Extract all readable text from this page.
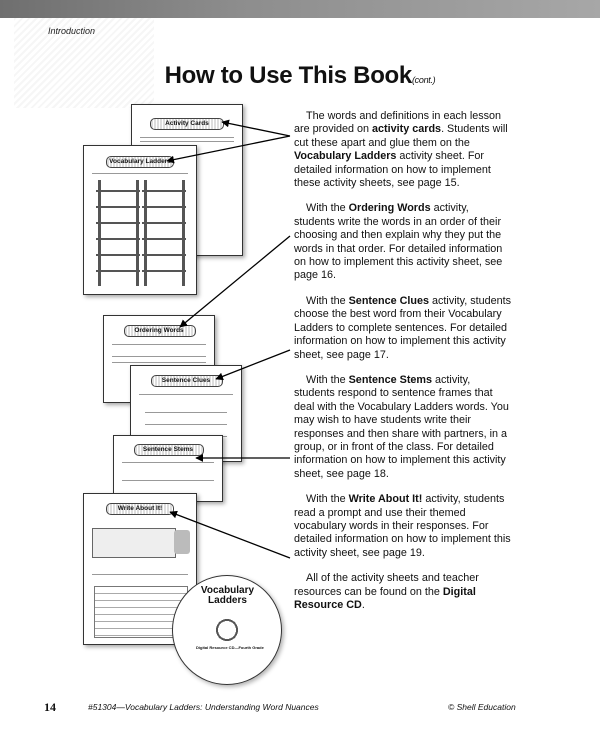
Introduction
How to Use This Book(cont.)
Activity Cards
Vocabulary Ladders
Ordering Words
Sentence Clues
Sentence Stems
Write About It!
Vocabulary Ladders
Digital Resource CD—Fourth Grade

The words and definitions in each lesson are provided on activity cards. Students will cut these apart and glue them on the Vocabulary Ladders activity sheet. For detailed information on how to implement these activity sheets, see page 15.

With the Ordering Words activity, students write the words in an order of their choosing and then explain why they put the words in that order. For detailed information on how to implement this activity sheet, see page 16.

With the Sentence Clues activity, students choose the best word from their Vocabulary Ladders to complete sentences. For detailed information on how to implement this activity sheet, see page 17.

With the Sentence Stems activity, students respond to sentence frames that deal with the Vocabulary Ladders words. You may wish to have students write their responses and then share with partners, in a group, or in front of the class. For detailed information on how to implement this activity sheet, see page 18.

With the Write About It! activity, students read a prompt and use their themed vocabulary words in their responses. For detailed information on how to implement this activity sheet, see page 19.

All of the activity sheets and teacher resources can be found on the Digital Resource CD.

14	#51304—Vocabulary Ladders: Understanding Word Nuances	© Shell Education
